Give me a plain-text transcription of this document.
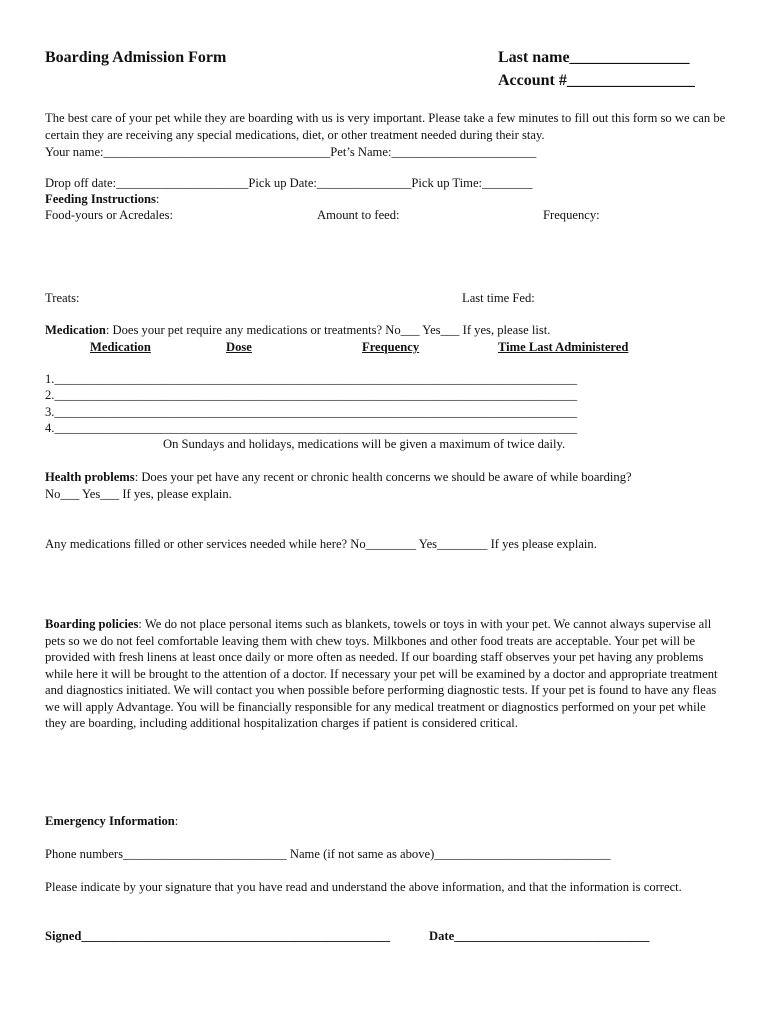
Boarding Admission Form	Last name_______________
Account #________________
The best care of your pet while they are boarding with us is very important. Please take a few minutes to fill out this form so we can be certain they are receiving any special medications, diet, or other treatment needed during their stay.
Your name:____________________________________Pet’s Name:_______________________
Drop off date:_____________________Pick up Date:_______________Pick up Time:________
Feeding Instructions:
Food-yours or Acredales:	Amount to feed:	Frequency:
Treats:	Last time Fed:
Medication: Does your pet require any medications or treatments? No___ Yes___ If yes, please list.
Medication	Dose	Frequency	Time Last Administered
1.___________________________________________________________________________________
2.___________________________________________________________________________________
3.___________________________________________________________________________________
4.___________________________________________________________________________________
On Sundays and holidays, medications will be given a maximum of twice daily.
Health problems: Does your pet have any recent or chronic health concerns we should be aware of while boarding?
No___ Yes___ If yes, please explain.
Any medications filled or other services needed while here? No________ Yes________ If yes please explain.
Boarding policies: We do not place personal items such as blankets, towels or toys in with your pet. We cannot always supervise all pets so we do not feel comfortable leaving them with chew toys. Milkbones and other food treats are acceptable. Your pet will be provided with fresh linens at least once daily or more often as needed. If our boarding staff observes your pet having any problems while here it will be brought to the attention of a doctor. If necessary your pet will be examined by a doctor and appropriate treatment and diagnostics initiated. We will contact you when possible before performing diagnostic tests. If your pet is found to have any fleas we will apply Advantage. You will be financially responsible for any medical treatment or diagnostics performed on your pet while they are boarding, including additional hospitalization charges if patient is considered critical.
Emergency Information:
Phone numbers__________________________ Name (if not same as above)____________________________
Please indicate by your signature that you have read and understand the above information, and that the information is correct.
Signed_________________________________________________	Date_______________________________
